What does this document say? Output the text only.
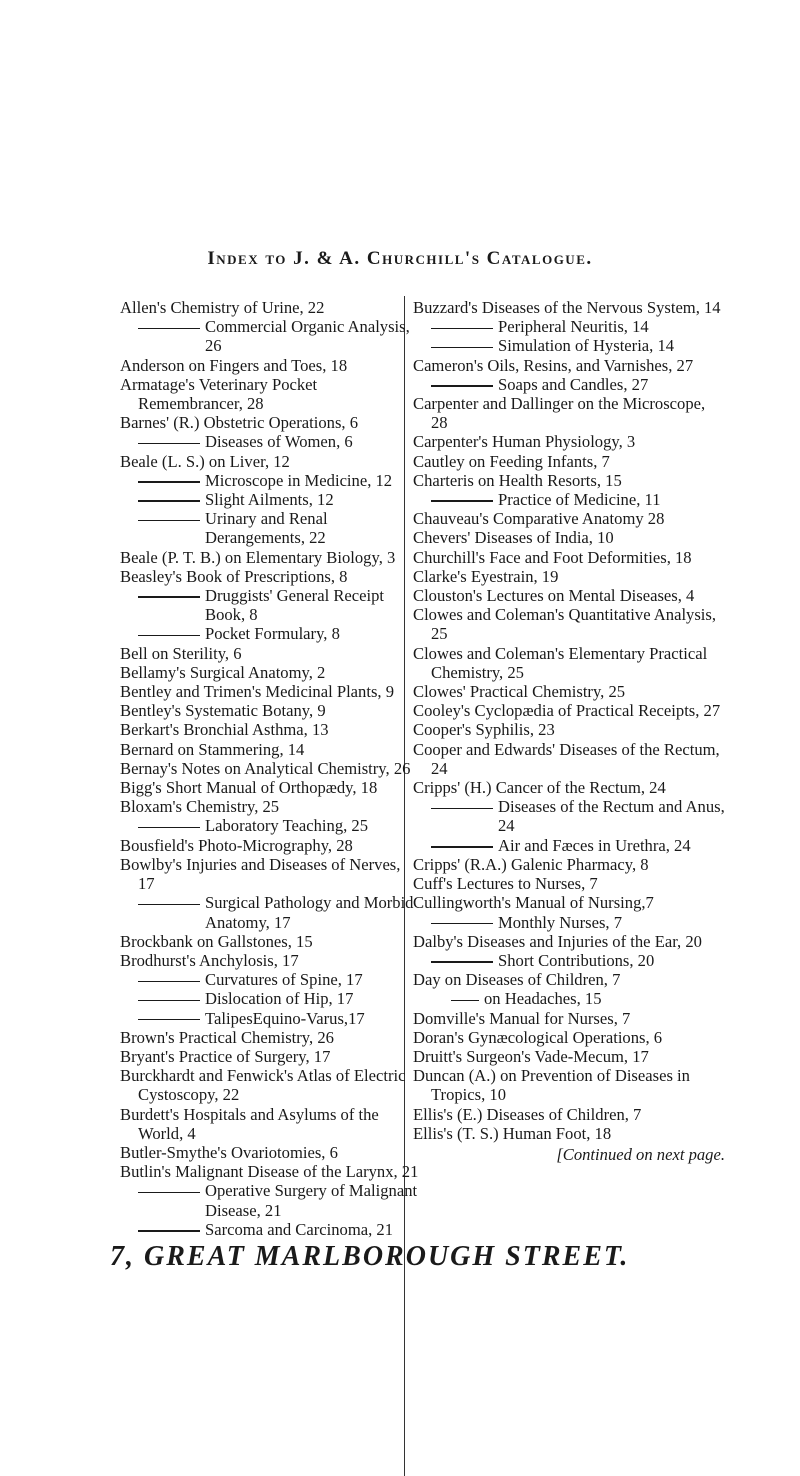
Index to J. & A. Churchill's Catalogue.
Allen's Chemistry of Urine, 22
Commercial Organic Analysis, 26
Anderson on Fingers and Toes, 18
Armatage's Veterinary Pocket Remembrancer, 28
Barnes' (R.) Obstetric Operations, 6
Diseases of Women, 6
Beale (L. S.) on Liver, 12
Microscope in Medicine, 12
Slight Ailments, 12
Urinary and Renal Derangements, 22
Beale (P. T. B.) on Elementary Biology, 3
Beasley's Book of Prescriptions, 8
Druggists' General Receipt Book, 8
Pocket Formulary, 8
Bell on Sterility, 6
Bellamy's Surgical Anatomy, 2
Bentley and Trimen's Medicinal Plants, 9
Bentley's Systematic Botany, 9
Berkart's Bronchial Asthma, 13
Bernard on Stammering, 14
Bernay's Notes on Analytical Chemistry, 26
Bigg's Short Manual of Orthopædy, 18
Bloxam's Chemistry, 25
Laboratory Teaching, 25
Bousfield's Photo-Micrography, 28
Bowlby's Injuries and Diseases of Nerves, 17
Surgical Pathology and Morbid Anatomy, 17
Brockbank on Gallstones, 15
Brodhurst's Anchylosis, 17
Curvatures of Spine, 17
Dislocation of Hip, 17
TalipesEquino-Varus,17
Brown's Practical Chemistry, 26
Bryant's Practice of Surgery, 17
Burckhardt and Fenwick's Atlas of Electric Cystoscopy, 22
Burdett's Hospitals and Asylums of the World, 4
Butler-Smythe's Ovariotomies, 6
Butlin's Malignant Disease of the Larynx, 21
Operative Surgery of Malignant Disease, 21
Sarcoma and Carcinoma, 21
Buzzard's Diseases of the Nervous System, 14
Peripheral Neuritis, 14
Simulation of Hysteria, 14
Cameron's Oils, Resins, and Varnishes, 27
Soaps and Candles, 27
Carpenter and Dallinger on the Microscope, 28
Carpenter's Human Physiology, 3
Cautley on Feeding Infants, 7
Charteris on Health Resorts, 15
Practice of Medicine, 11
Chauveau's Comparative Anatomy 28
Chevers' Diseases of India, 10
Churchill's Face and Foot Deformities, 18
Clarke's Eyestrain, 19
Clouston's Lectures on Mental Diseases, 4
Clowes and Coleman's Quantitative Analysis, 25
Clowes and Coleman's Elementary Practical Chemistry, 25
Clowes' Practical Chemistry, 25
Cooley's Cyclopædia of Practical Receipts, 27
Cooper's Syphilis, 23
Cooper and Edwards' Diseases of the Rectum, 24
Cripps' (H.) Cancer of the Rectum, 24
Diseases of the Rectum and Anus, 24
Air and Fæces in Urethra, 24
Cripps' (R.A.) Galenic Pharmacy, 8
Cuff's Lectures to Nurses, 7
Cullingworth's Manual of Nursing,7
Monthly Nurses, 7
Dalby's Diseases and Injuries of the Ear, 20
Short Contributions, 20
Day on Diseases of Children, 7
on Headaches, 15
Domville's Manual for Nurses, 7
Doran's Gynæcological Operations, 6
Druitt's Surgeon's Vade-Mecum, 17
Duncan (A.) on Prevention of Diseases in Tropics, 10
Ellis's (E.) Diseases of Children, 7
Ellis's (T. S.) Human Foot, 18
[Continued on next page.
7, GREAT MARLBOROUGH STREET.
